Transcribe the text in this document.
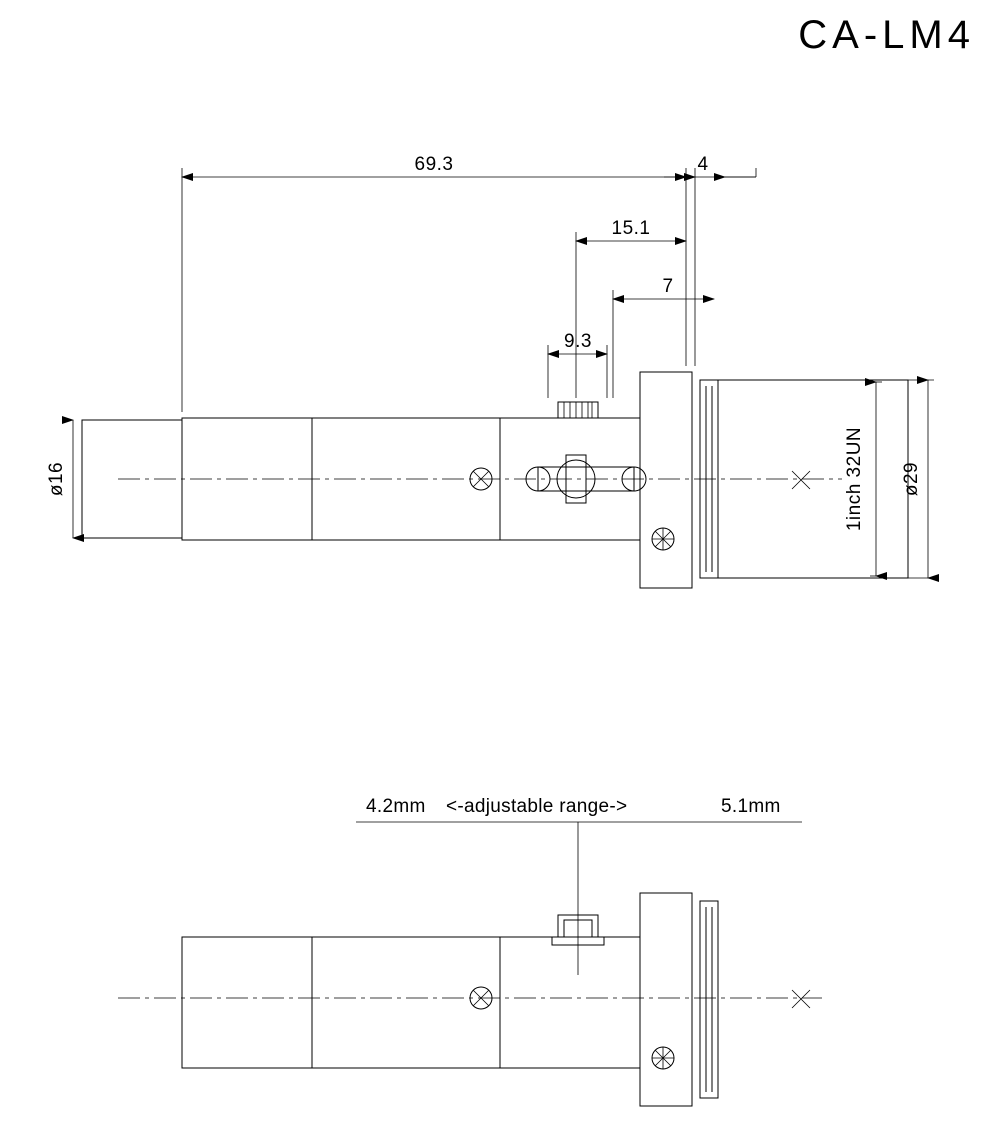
CA-LM4
69.3	4
15.1
7
9.3
ø16	ø29
1inch 32UN
4.2mm <-adjustable range->	5.1mm
